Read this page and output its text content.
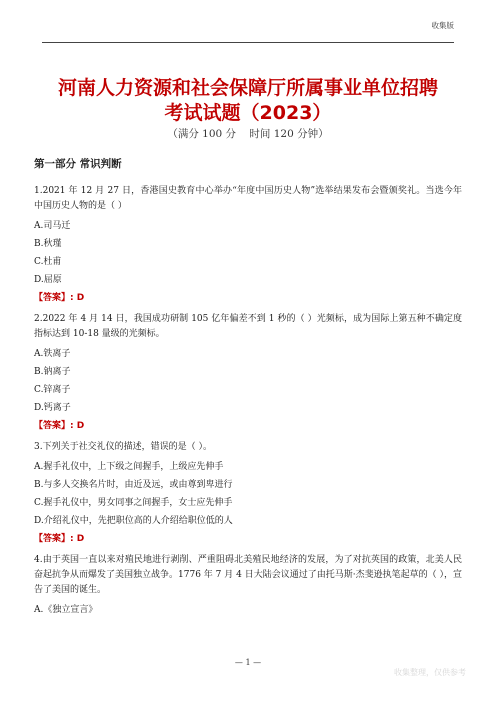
收集版
河南人力资源和社会保障厅所属事业单位招聘
考试试题（2023）
（满分 100 分    时间 120 分钟）
第一部分 常识判断

1.2021 年 12 月 27 日，香港国史教育中心举办“年度中国历史人物”选举结果发布会暨颁奖礼。当选今年中国历史人物的是（ ）

A.司马迁

B.秋瑾

C.杜甫

D.屈原

【答案】: D

2.2022 年 4 月 14 日，我国成功研制 105 亿年偏差不到 1 秒的（ ）光频标，成为国际上第五种不确定度指标达到 10-18 量级的光频标。

A.铁离子

B.钠离子

C.锌离子

D.钙离子

【答案】: D

3.下列关于社交礼仪的描述，错误的是（ ）。

A.握手礼仪中，上下级之间握手，上级应先伸手

B.与多人交换名片时，由近及远，或由尊到卑进行

C.握手礼仪中，男女同事之间握手，女士应先伸手

D.介绍礼仪中，先把职位高的人介绍给职位低的人

【答案】: D

4.由于英国一直以来对殖民地进行剥削、严重阻碍北美殖民地经济的发展，为了对抗英国的政策，北美人民奋起抗争从而爆发了美国独立战争。1776 年 7 月 4 日大陆会议通过了由托马斯·杰斐逊执笔起草的（ ），宣告了美国的诞生。

A.《独立宣言》

— 1 —
收集整理，仅供参考
